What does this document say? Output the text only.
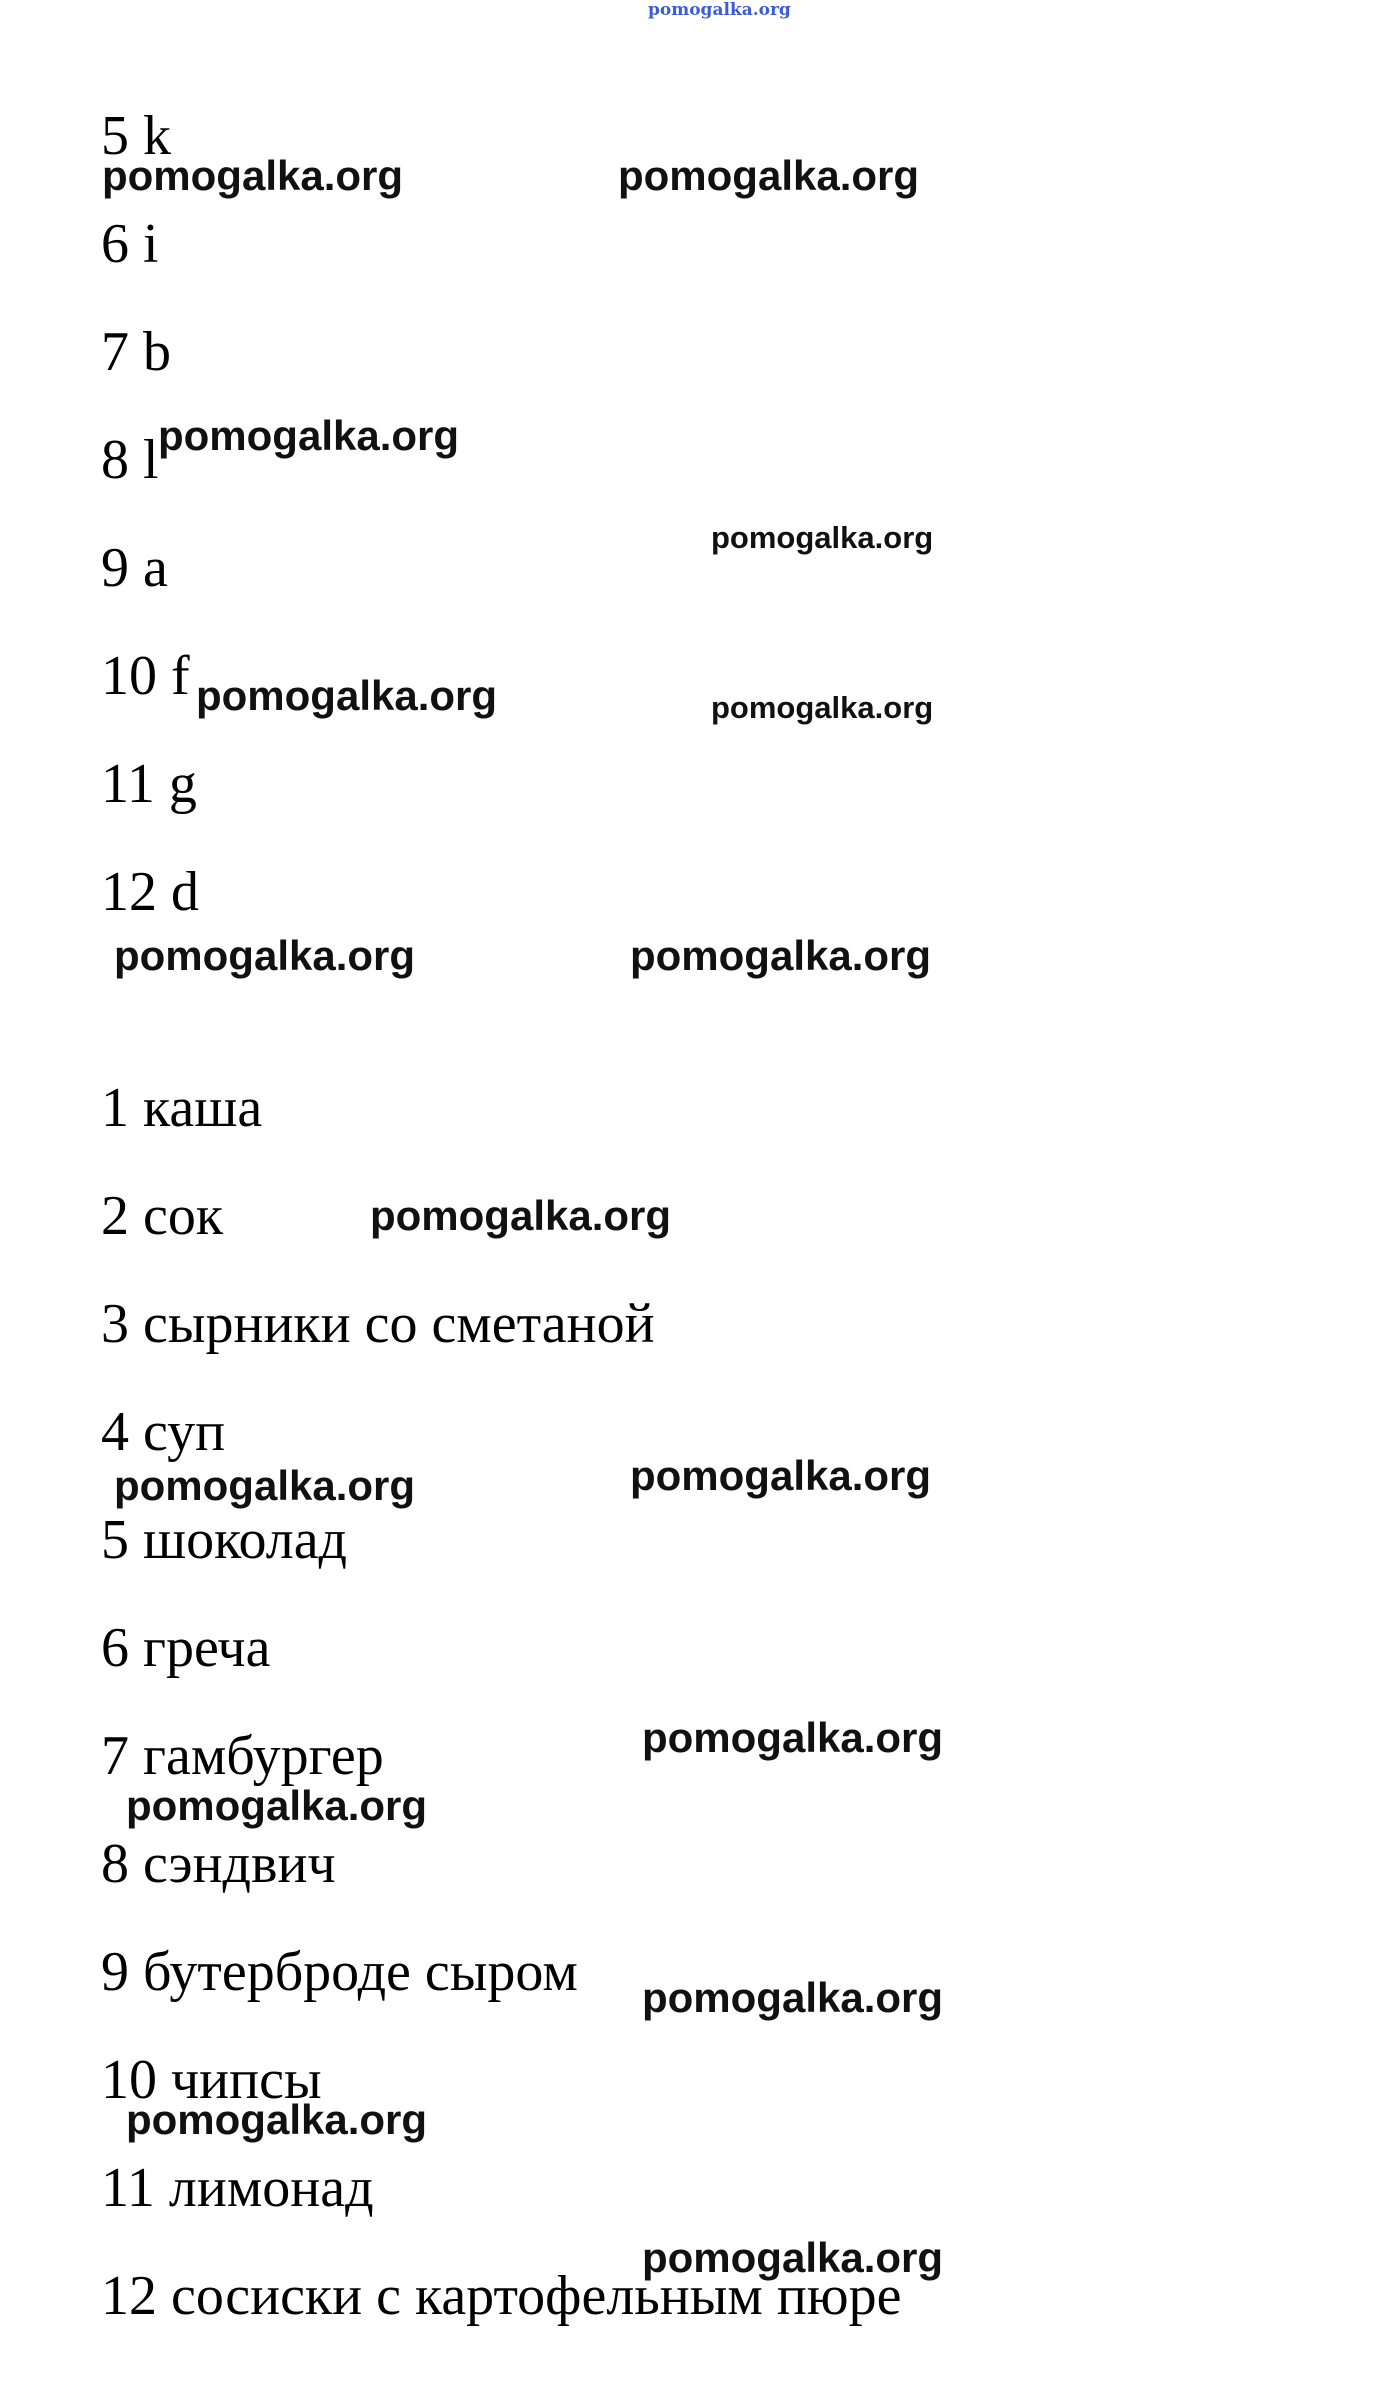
pomogalka.org
5 k
6 i
7 b
8 l
9 a
10 f
11 g
12 d
1 каша
2 сок
3 сырники со сметаной
4 суп
5 шоколад
6 греча
7 гамбургер
8 сэндвич
9 бутерброде сыром
10 чипсы
11 лимонад
12 сосиски с картофельным пюре
pomogalka.org	pomogalka.org
pomogalka.org
pomogalka.org
pomogalka.org	pomogalka.org
pomogalka.org	pomogalka.org
pomogalka.org
pomogalka.org	pomogalka.org
pomogalka.org
pomogalka.org
pomogalka.org
pomogalka.org
pomogalka.org
